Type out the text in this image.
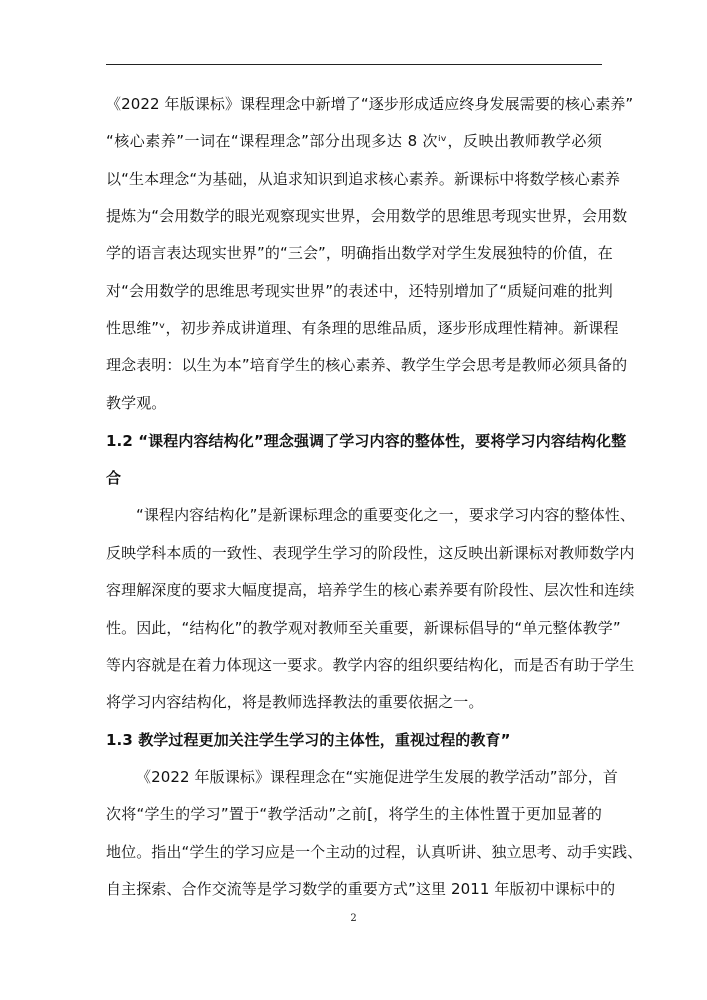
《2022 年版课标》课程理念中新增了“逐步形成适应终身发展需要的核心素养”
“核心素养”一词在“课程理念”部分出现多达 8 次ⁱᵛ，反映出教师教学必须
以“生本理念“为基础，从追求知识到追求核心素养。新课标中将数学核心素养
提炼为“会用数学的眼光观察现实世界，会用数学的思维思考现实世界，会用数
学的语言表达现实世界”的“三会”，明确指出数学对学生发展独特的价值，在
对“会用数学的思维思考现实世界”的表述中，还特别增加了“质疑问难的批判
性思维”ᵛ，初步养成讲道理、有条理的思维品质，逐步形成理性精神。新课程
理念表明：以生为本”培育学生的核心素养、教学生学会思考是教师必须具备的
教学观。
1.2 “课程内容结构化”理念强调了学习内容的整体性，要将学习内容结构化整
合
“课程内容结构化”是新课标理念的重要变化之一，要求学习内容的整体性、
反映学科本质的一致性、表现学生学习的阶段性，这反映出新课标对教师数学内
容理解深度的要求大幅度提高，培养学生的核心素养要有阶段性、层次性和连续
性。因此，“结构化”的教学观对教师至关重要，新课标倡导的“单元整体教学”
等内容就是在着力体现这一要求。教学内容的组织要结构化，而是否有助于学生
将学习内容结构化，将是教师选择教法的重要依据之一。
1.3 教学过程更加关注学生学习的主体性，重视过程的教育”
《2022 年版课标》课程理念在“实施促进学生发展的教学活动”部分，首
次将“学生的学习”置于“教学活动”之前[，将学生的主体性置于更加显著的
地位。指出“学生的学习应是一个主动的过程，认真听讲、独立思考、动手实践、
自主探索、合作交流等是学习数学的重要方式”这里 2011 年版初中课标中的
2
